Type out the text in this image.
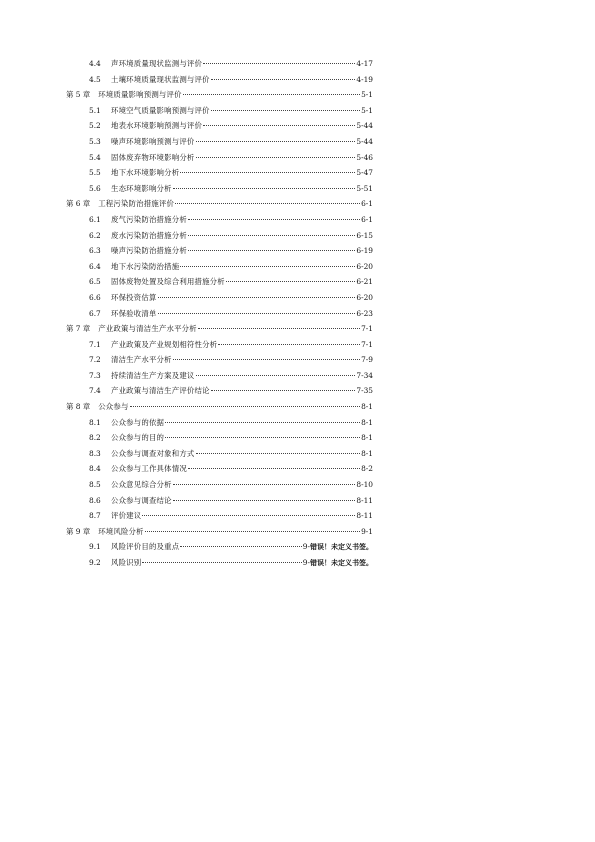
4.4	声环境质量现状监测与评价	4-17
4.5	土壤环境质量现状监测与评价	4-19
第 5 章 环境质量影响预测与评价	5-1
5.1	环境空气质量影响预测与评价	5-1
5.2	地表水环境影响预测与评价	5-44
5.3	噪声环境影响预测与评价	5-44
5.4	固体废弃物环境影响分析	5-46
5.5	地下水环境影响分析	5-47
5.6	生态环境影响分析	5-51
第 6 章 工程污染防治措施评价	6-1
6.1	废气污染防治措施分析	6-1
6.2	废水污染防治措施分析	6-15
6.3	噪声污染防治措施分析	6-19
6.4	地下水污染防治措施	6-20
6.5	固体废物处置及综合利用措施分析	6-21
6.6	环保投资估算	6-20
6.7	环保验收清单	6-23
第 7 章 产业政策与清洁生产水平分析	7-1
7.1	产业政策及产业规划相符性分析	7-1
7.2	清洁生产水平分析	7-9
7.3	持续清洁生产方案及建议	7-34
7.4	产业政策与清洁生产评价结论	7-35
第 8 章 公众参与	8-1
8.1	公众参与的依据	8-1
8.2	公众参与的目的	8-1
8.3	公众参与调查对象和方式	8-1
8.4	公众参与工作具体情况	8-2
8.5	公众意见综合分析	8-10
8.6	公众参与调查结论	8-11
8.7	评价建议	8-11
第 9 章 环境风险分析	9-1
9.1	风险评价目的及重点	9-错误！未定义书签。
9.2	风险识别	9-错误！未定义书签。
